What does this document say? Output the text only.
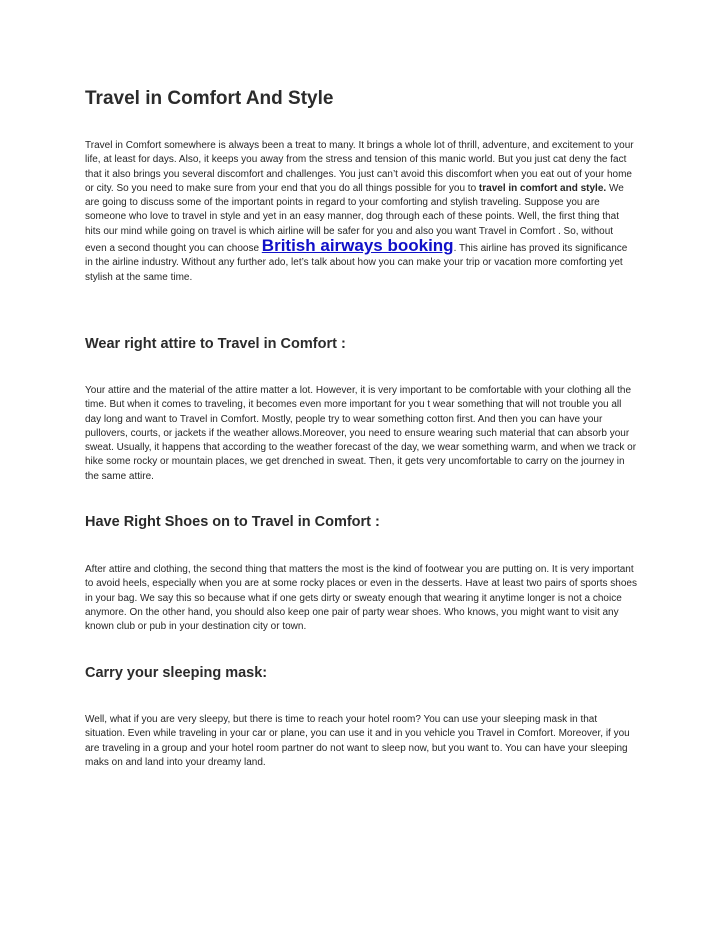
Travel in Comfort And Style

Travel in Comfort somewhere is always been a treat to many. It brings a whole lot of thrill, adventure, and excitement to your life, at least for days. Also, it keeps you away from the stress and tension of this manic world. But you just cat deny the fact that it also brings you several discomfort and challenges. You just can’t avoid this discomfort when you eat out of your home or city. So you need to make sure from your end that you do all things possible for you to travel in comfort and style. We are going to discuss some of the important points in regard to your comforting and stylish traveling. Suppose you are someone who love to travel in style and yet in an easy manner, dog through each of these points. Well, the first thing that hits our mind while going on travel is which airline will be safer for you and also you want Travel in Comfort . So, without even a second thought you can choose British airways booking. This airline has proved its significance in the airline industry. Without any further ado, let’s talk about how you can make your trip or vacation more comforting yet stylish at the same time.

Wear right attire to Travel in Comfort :

Your attire and the material of the attire matter a lot. However, it is very important to be comfortable with your clothing all the time. But when it comes to traveling, it becomes even more important for you t wear something that will not trouble you all day long and want to Travel in Comfort. Mostly, people try to wear something cotton first. And then you can have your pullovers, courts, or jackets if the weather allows.Moreover, you need to ensure wearing such material that can absorb your sweat. Usually, it happens that according to the weather forecast of the day, we wear something warm, and when we track or hike some rocky or mountain places, we get drenched in sweat. Then, it gets very uncomfortable to carry on the journey in the same attire.

Have Right Shoes on to Travel in Comfort :

After attire and clothing, the second thing that matters the most is the kind of footwear you are putting on. It is very important to avoid heels, especially when you are at some rocky places or even in the desserts. Have at least two pairs of sports shoes in your bag. We say this so because what if one gets dirty or sweaty enough that wearing it anytime longer is not a choice anymore. On the other hand, you should also keep one pair of party wear shoes. Who knows, you might want to visit any known club or pub in your destination city or town.

Carry your sleeping mask:

Well, what if you are very sleepy, but there is time to reach your hotel room? You can use your sleeping mask in that situation. Even while traveling in your car or plane, you can use it and in you vehicle you Travel in Comfort. Moreover, if you are traveling in a group and your hotel room partner do not want to sleep now, but you want to. You can have your sleeping maks on and land into your dreamy land.
